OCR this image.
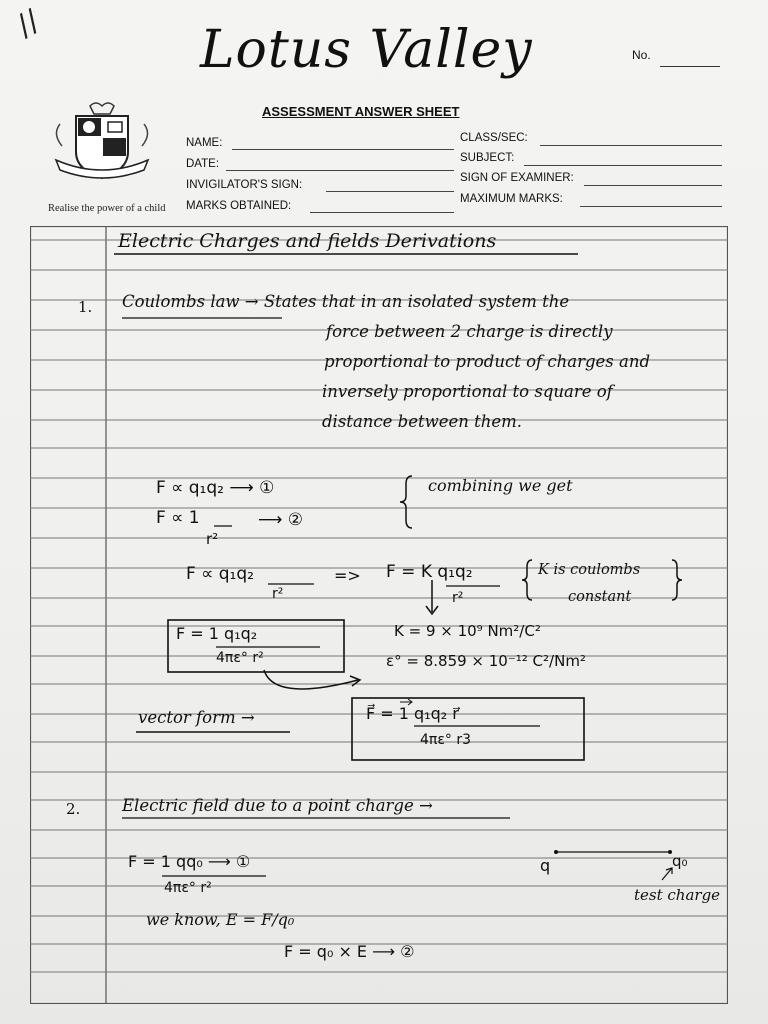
//	Lotus Valley	No.
ASSESSMENT ANSWER SHEET
Realise the power of a child
NAME:
DATE:
INVIGILATOR'S SIGN:
MARKS OBTAINED:
CLASS/SEC:
SUBJECT:
SIGN OF EXAMINER:
MAXIMUM MARKS:
Electric Charges and fields Derivations
1. Coulombs law → States that in an isolated system the
force between 2 charge is directly
proportional to product of charges and
inversely proportional to square of
distance between them.
F ∝ q₁q₂ ⟶ ①
F ∝ 1	⟶ ②
r²
combining we get
F ∝ q₁q₂
r²
=> F = K q₁q₂
r²
K is coulombs
constant
F = 1 q₁q₂
4πε° r²
K = 9 × 10⁹ Nm²/C²
ε° = 8.859 × 10⁻¹² C²/Nm²
vector form →	F⃗ = 1 q₁q₂ r⃗
4πε° r3
2.	Electric field due to a point charge →
F = 1 qq₀ ⟶ ①
4πε° r²
q	q₀
test charge
we know, E = F/q₀
F = q₀ × E ⟶ ②
